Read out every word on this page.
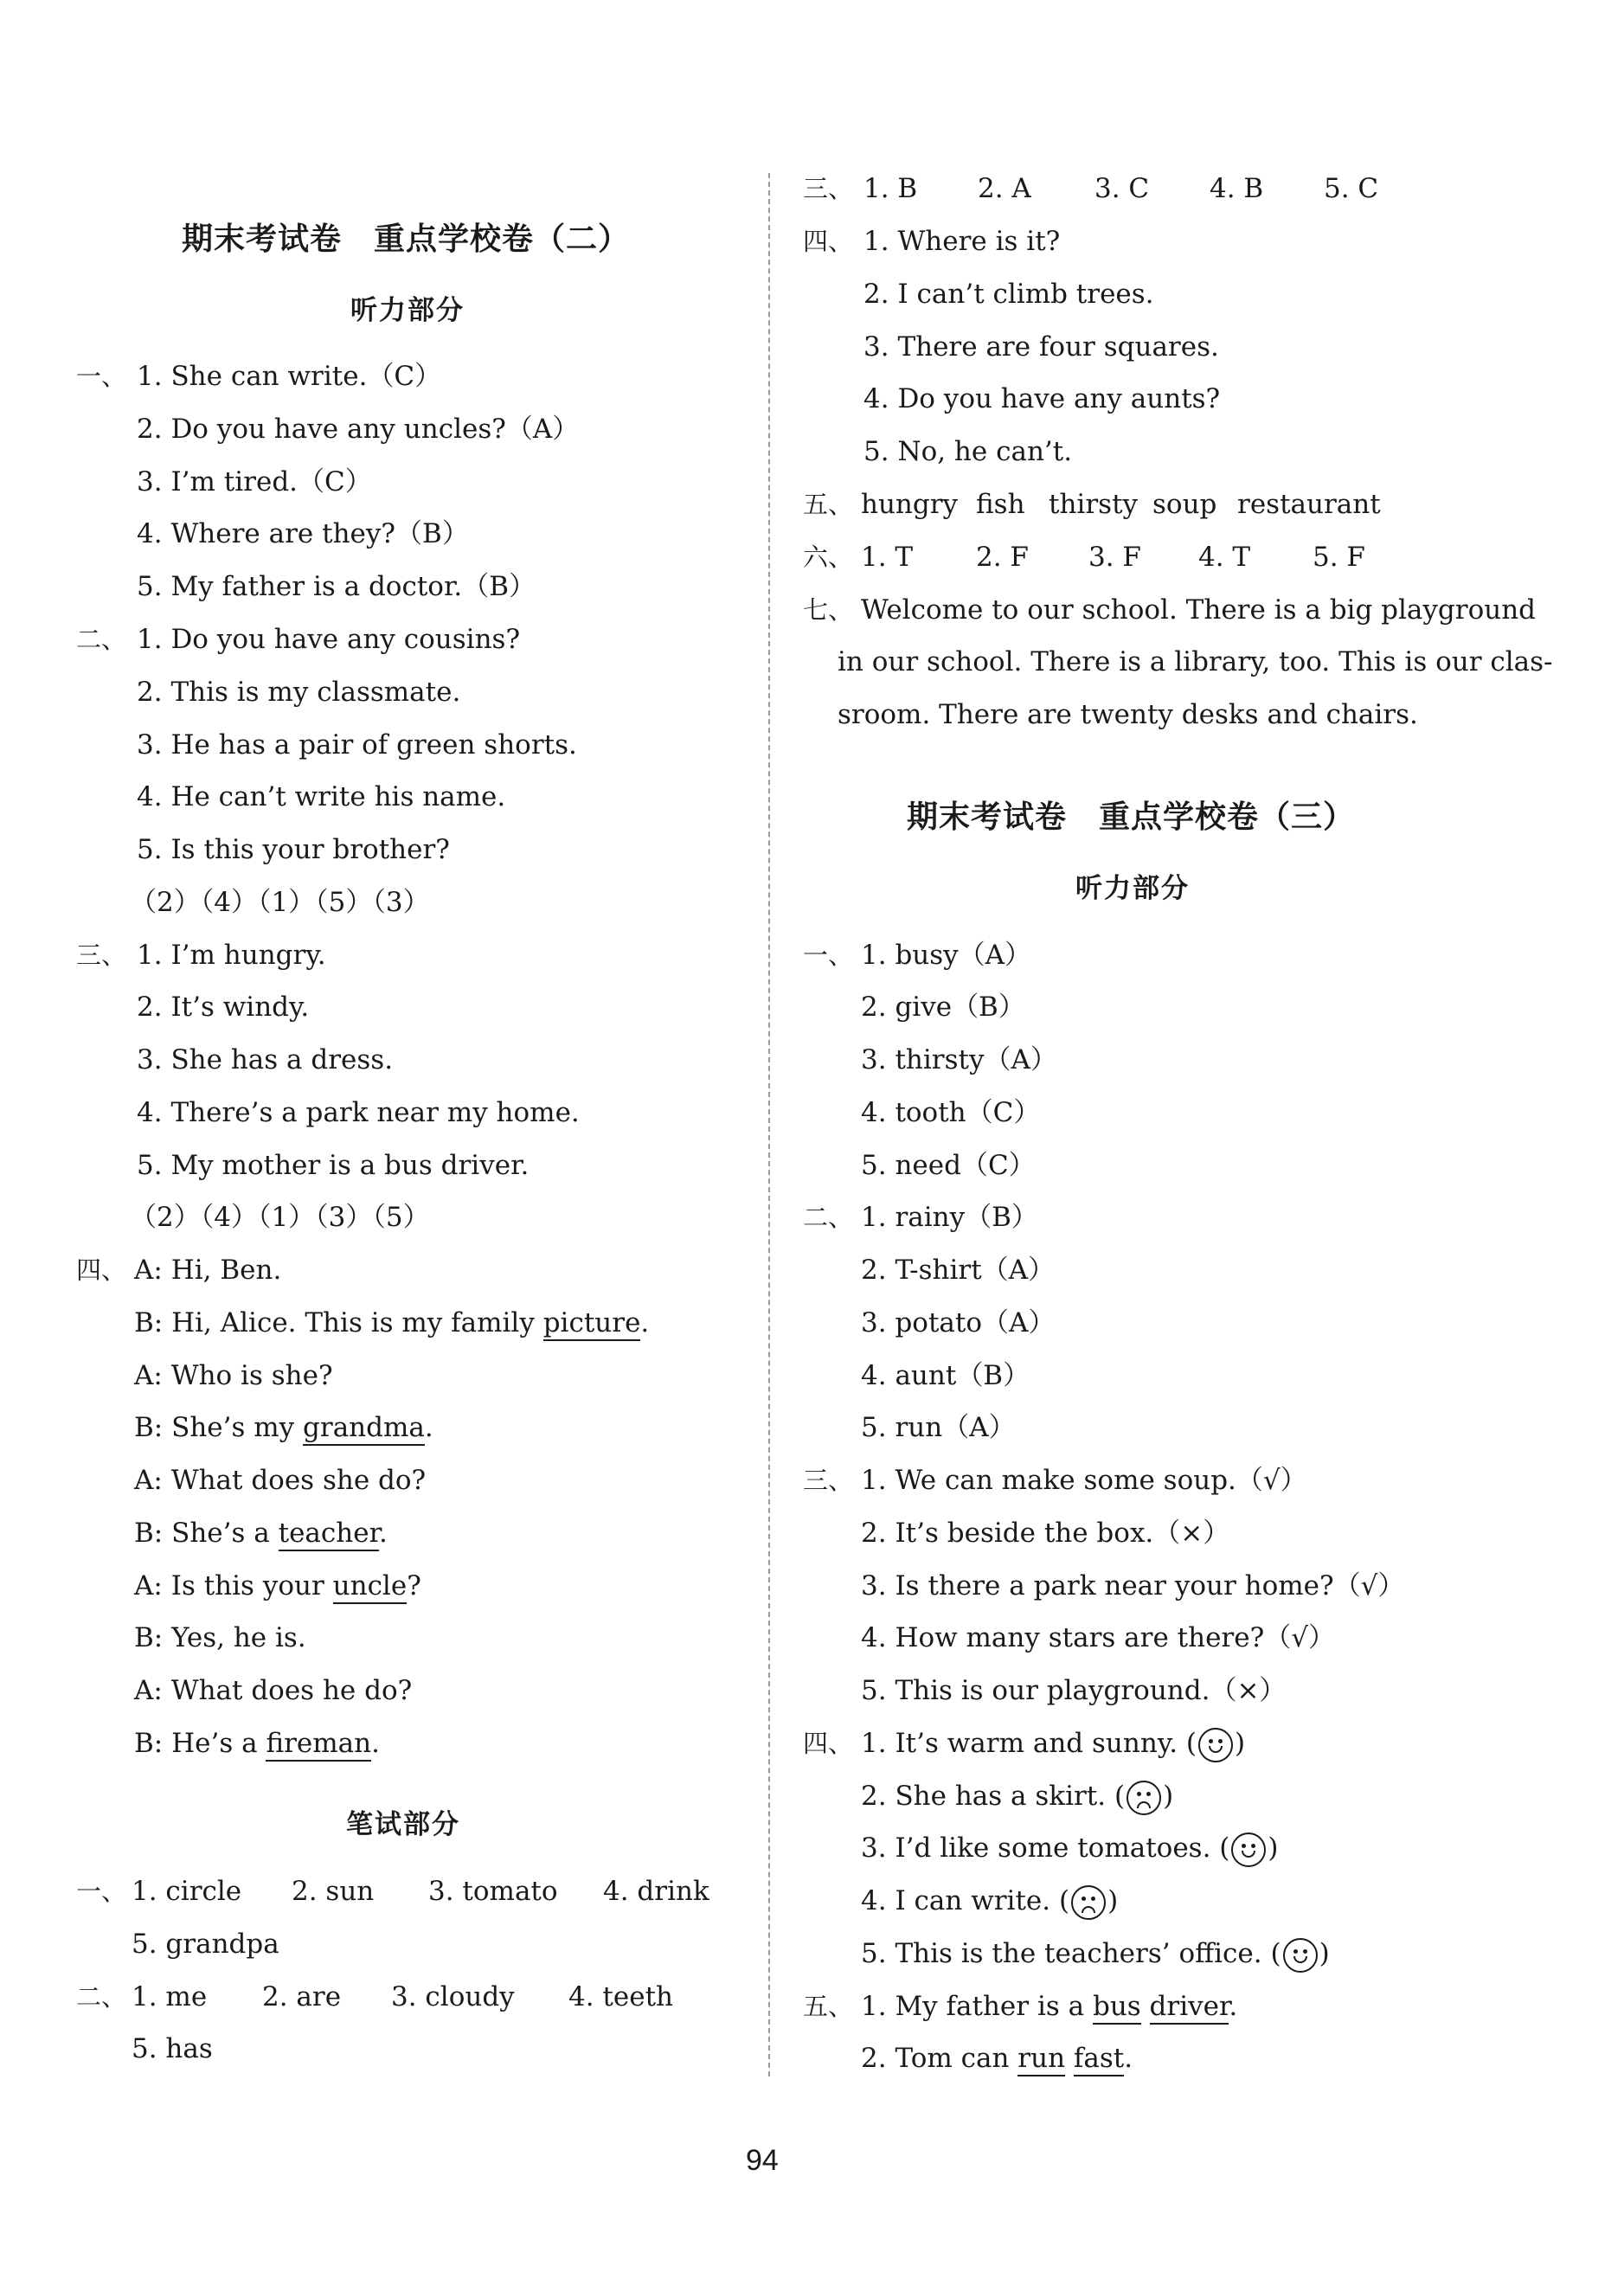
期末考试卷　重点学校卷（二）
听力部分
一、 1. She can write.（C）
2. Do you have any uncles?（A）
3. I’m tired.（C）
4. Where are they?（B）
5. My father is a doctor.（B）
二、 1. Do you have any cousins?
2. This is my classmate.
3. He has a pair of green shorts.
4. He can’t write his name.
5. Is this your brother?
（2）（4）（1）（5）（3）
三、 1. I’m hungry.
2. It’s windy.
3. She has a dress.
4. There’s a park near my home.
5. My mother is a bus driver.
（2）（4）（1）（3）（5）
四、 A: Hi, Ben.
B: Hi, Alice. This is my family picture.
A: Who is she?
B: She’s my grandma.
A: What does she do?
B: She’s a teacher.
A: Is this your uncle?
B: Yes, he is.
A: What does he do?
B: He’s a fireman.
笔试部分
一、 1. circle 2. sun 3. tomato 4. drink
5. grandpa
二、 1. me 2. are 3. cloudy 4. teeth
5. has
三、 1. B 2. A 3. C 4. B 5. C
四、 1. Where is it?
2. I can’t climb trees.
3. There are four squares.
4. Do you have any aunts?
5. No, he can’t.
五、 hungry fish thirsty soup restaurant
六、 1. T 2. F 3. F 4. T 5. F
七、 Welcome to our school. There is a big playground
in our school. There is a library, too. This is our clas-
sroom. There are twenty desks and chairs.
期末考试卷　重点学校卷（三）
听力部分
一、 1. busy（A）
2. give（B）
3. thirsty（A）
4. tooth（C）
5. need（C）
二、 1. rainy（B）
2. T-shirt（A）
3. potato（A）
4. aunt（B）
5. run（A）
三、 1. We can make some soup.（√）
2. It’s beside the box.（×）
3. Is there a park near your home?（√）
4. How many stars are there?（√）
5. This is our playground.（×）
四、 1. It’s warm and sunny. ( )
2. She has a skirt. ( )
3. I’d like some tomatoes. ( )
4. I can write. ( )
5. This is the teachers’ office. ( )
五、 1. My father is a bus driver.
2. Tom can run fast.
94
